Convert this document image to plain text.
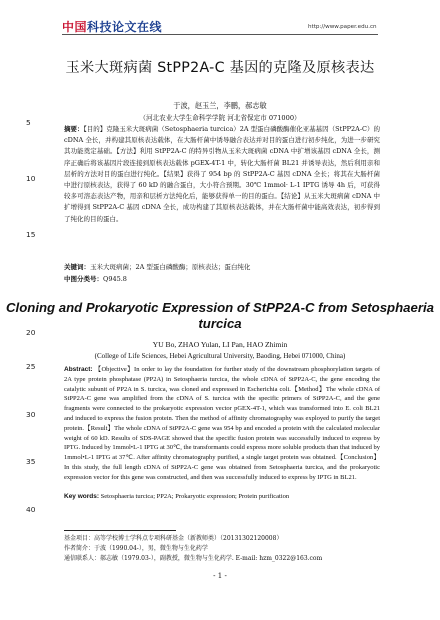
中国科技论文在线	http://www.paper.edu.cn
玉米大斑病菌 StPP2A-C 基因的克隆及原核表达
于波，赵玉兰，李鹏，郝志敏
（河北农业大学生命科学学院 河北省保定市 071000）
5
10
15
20
25
30
35
40
摘要：【目的】克隆玉米大斑病菌（Setosphaeria turcica）2A 型蛋白磷酸酶催化亚基基因（StPP2A-C）的 cDNA 全长，并构建其原核表达载体，在大肠杆菌中诱导融合表达并对目的蛋白进行初步纯化，为进一步研究其功能奠定基础。【方法】利用 StPP2A-C 的特异引物从玉米大斑病菌 cDNA 中扩增该基因 cDNA 全长，测序正确后将该基因片段连接到原核表达载体 pGEX-4T-1 中，转化大肠杆菌 BL21 并诱导表达，然后利用亲和层析的方法对目的蛋白进行纯化。【结果】获得了 954 bp 的 StPP2A-C 基因 cDNA 全长；将其在大肠杆菌中进行原核表达，获得了 60 kD 的融合蛋白，大小符合预期。30℃ 1mmol· L-1 IPTG 诱导 4h 后，可获得较多可溶态表达产物，用亲和层析方法纯化后，能够获得单一的目的蛋白。【结论】从玉米大斑病菌 cDNA 中扩增得到 StPP2A-C 基因 cDNA 全长，成功构建了其原核表达载体，并在大肠杆菌中能高效表达，初步得到了纯化的目的蛋白。
关键词：玉米大斑病菌；2A 型蛋白磷酸酶；原核表达；蛋白纯化
中图分类号：Q945.8
Cloning and Prokaryotic Expression of StPP2A-C from Setosphaeria turcica
YU Bo, ZHAO Yulan, LI Pan, HAO Zhimin
(College of Life Sciences, Hebei Agricultural University, Baoding, Hebei 071000, China)
Abstract: 【Objective】In order to lay the foundation for further study of the downstream phosphorylation targets of 2A type protein phosphatase (PP2A) in Setosphaeria turcica, the whole cDNA of StPP2A-C, the gene encoding the catalytic subunit of PP2A in S. turcica, was cloned and expressed in Escherichia coli.【Method】The whole cDNA of StPP2A-C gene was amplified from the cDNA of S. turcica with the specific primers of StPP2A-C, and the gene fragments were connected to the prokaryotic expression vector pGEX-4T-1, which was transformed into E. coli BL21 and induced to express the fusion protein. Then the method of affinity chromatography was exployed to purify the target protein.【Result】The whole cDNA of StPP2A-C gene was 954 bp and encoded a protein with the calculated molecular weight of 60 kD. Results of SDS-PAGE showed that the specific fusion protein was successfully induced to express by IPTG. Induced by 1mmol•L-1 IPTG at 30℃, the transformants could express more soluble products than that induced by 1mmol•L-1 IPTG at 37℃. After affinity chromatography purified, a single target protein was obtained.【Conclusion】In this study, the full length cDNA of StPP2A-C gene was obtained from Setosphaeria turcica, and the prokaryotic expression vector for this gene was constructed, and then was successfully induced to express by IPTG in BL21.
Key words: Setosphaeria turcica; PP2A; Prokaryotic expression; Protein purification
基金项目：高等学校博士学科点专项科研基金（新教师类）（20131302120008）
作者简介：于波（1990.04-），男，微生物与生化药学
通信联系人：郝志敏（1979.03-），副教授，微生物与生化药学. E-mail: hzm_0322@163.com
- 1 -
